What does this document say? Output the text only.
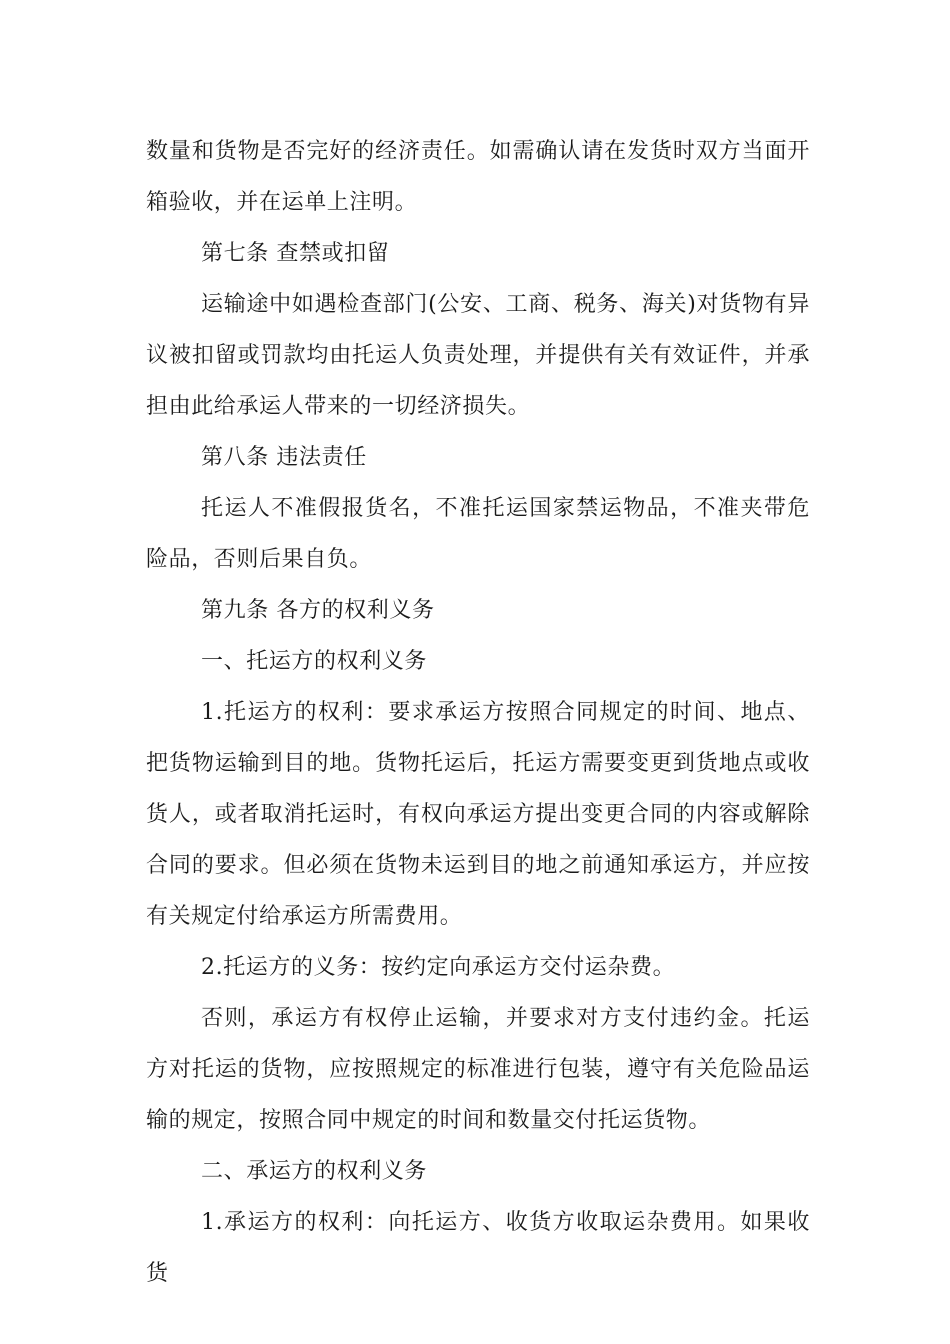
数量和货物是否完好的经济责任。如需确认请在发货时双方当面开箱验收，并在运单上注明。

第七条 查禁或扣留

运输途中如遇检查部门(公安、工商、税务、海关)对货物有异议被扣留或罚款均由托运人负责处理，并提供有关有效证件，并承担由此给承运人带来的一切经济损失。

第八条 违法责任

托运人不准假报货名，不准托运国家禁运物品，不准夹带危险品，否则后果自负。

第九条 各方的权利义务

一、托运方的权利义务

1.托运方的权利：要求承运方按照合同规定的时间、地点、把货物运输到目的地。货物托运后，托运方需要变更到货地点或收货人，或者取消托运时，有权向承运方提出变更合同的内容或解除合同的要求。但必须在货物未运到目的地之前通知承运方，并应按有关规定付给承运方所需费用。

2.托运方的义务：按约定向承运方交付运杂费。

否则，承运方有权停止运输，并要求对方支付违约金。托运方对托运的货物，应按照规定的标准进行包装，遵守有关危险品运输的规定，按照合同中规定的时间和数量交付托运货物。

二、承运方的权利义务

1.承运方的权利：向托运方、收货方收取运杂费用。如果收货
